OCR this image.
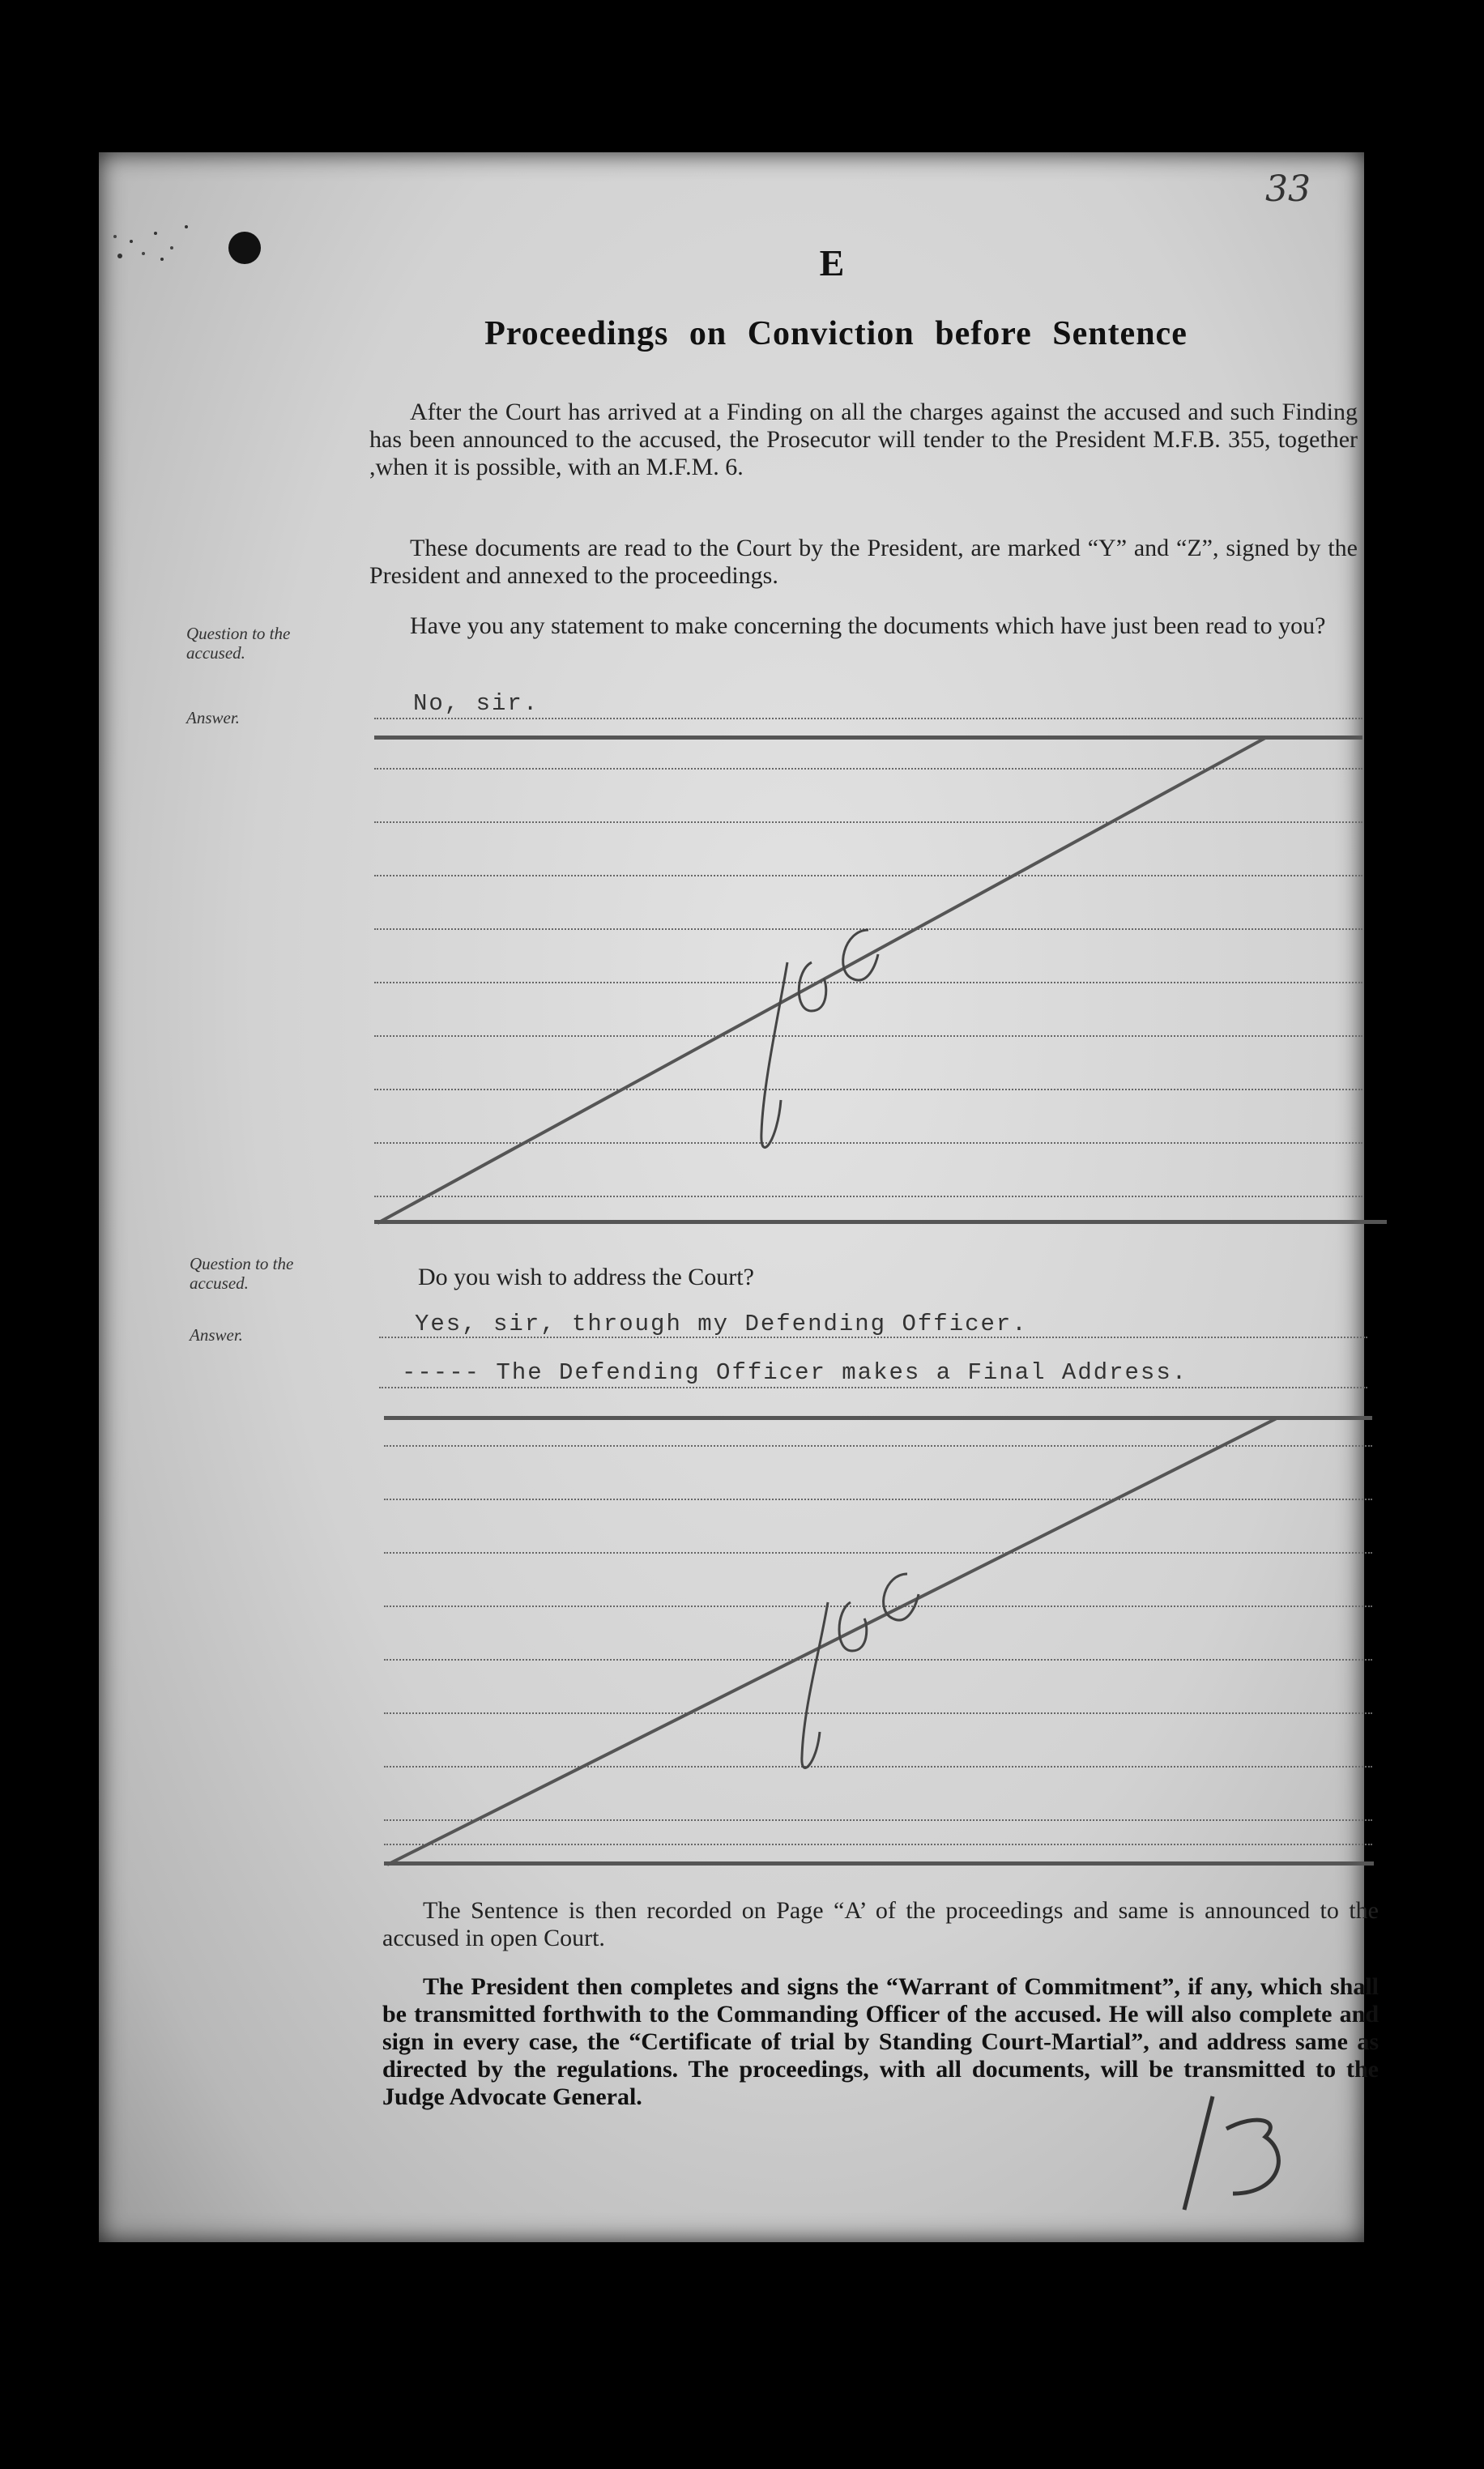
33
E
Proceedings on Conviction before Sentence

After the Court has arrived at a Finding on all the charges against the accused and such Finding has been announced to the accused, the Prosecutor will tender to the President M.F.B. 355, together ,when it is possible, with an M.F.M. 6.

These documents are read to the Court by the President, are marked “Y” and “Z”, signed by the President and annexed to the proceedings.

Question to the accused.

Have you any statement to make concerning the documents which have just been read to you?

Answer.
No, sir.
Question to the accused.	Do you wish to address the Court?

Answer.	Yes, sir, through my Defending Officer.
----- The Defending Officer makes a Final Address.

The Sentence is then recorded on Page “A’ of the proceedings and same is announced to the accused in open Court.

The President then completes and signs the “Warrant of Commitment”, if any, which shall be transmitted forthwith to the Commanding Officer of the accused. He will also complete and sign in every case, the “Certificate of trial by Standing Court-Martial”, and address same as directed by the regulations. The proceedings, with all documents, will be transmitted to the Judge Advocate General.
